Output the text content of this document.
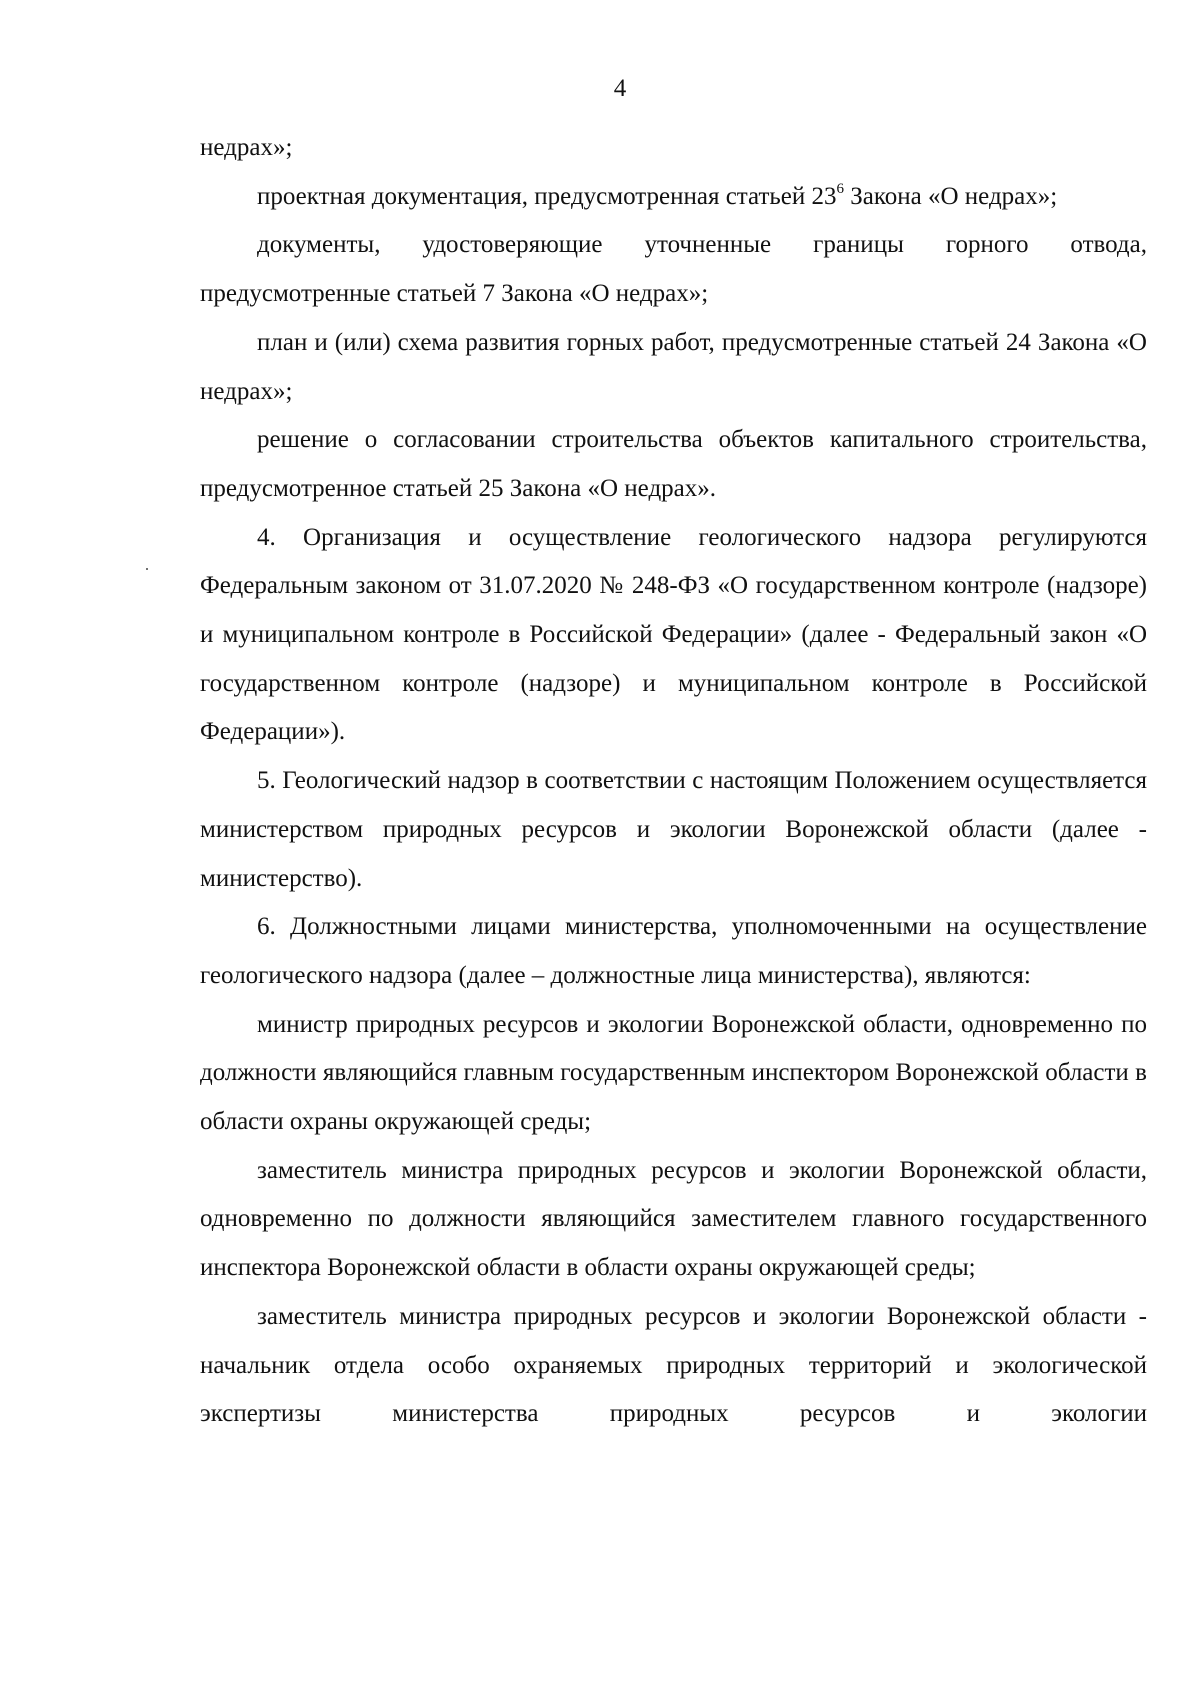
4

недрах»;

проектная документация, предусмотренная статьей $23^6$ Закона «О недрах»;

документы, удостоверяющие уточненные границы горного отвода, предусмотренные статьей 7 Закона «О недрах»;

план и (или) схема развития горных работ, предусмотренные статьей 24 Закона «О недрах»;

решение о согласовании строительства объектов капитального строительства, предусмотренное статьей 25 Закона «О недрах».

4. Организация и осуществление геологического надзора регулируются Федеральным законом от 31.07.2020 № 248-ФЗ «О государственном контроле (надзоре) и муниципальном контроле в Российской Федерации» (далее - Федеральный закон «О государственном контроле (надзоре) и муниципальном контроле в Российской Федерации»).

5. Геологический надзор в соответствии с настоящим Положением осуществляется министерством природных ресурсов и экологии Воронежской области (далее - министерство).

6. Должностными лицами министерства, уполномоченными на осуществление геологического надзора (далее – должностные лица министерства), являются:

министр природных ресурсов и экологии Воронежской области, одновременно по должности являющийся главным государственным инспектором Воронежской области в области охраны окружающей среды;

заместитель министра природных ресурсов и экологии Воронежской области, одновременно по должности являющийся заместителем главного государственного инспектора Воронежской области в области охраны окружающей среды;

заместитель министра природных ресурсов и экологии Воронежской области - начальник отдела особо охраняемых природных территорий и экологической экспертизы министерства природных ресурсов и экологии
